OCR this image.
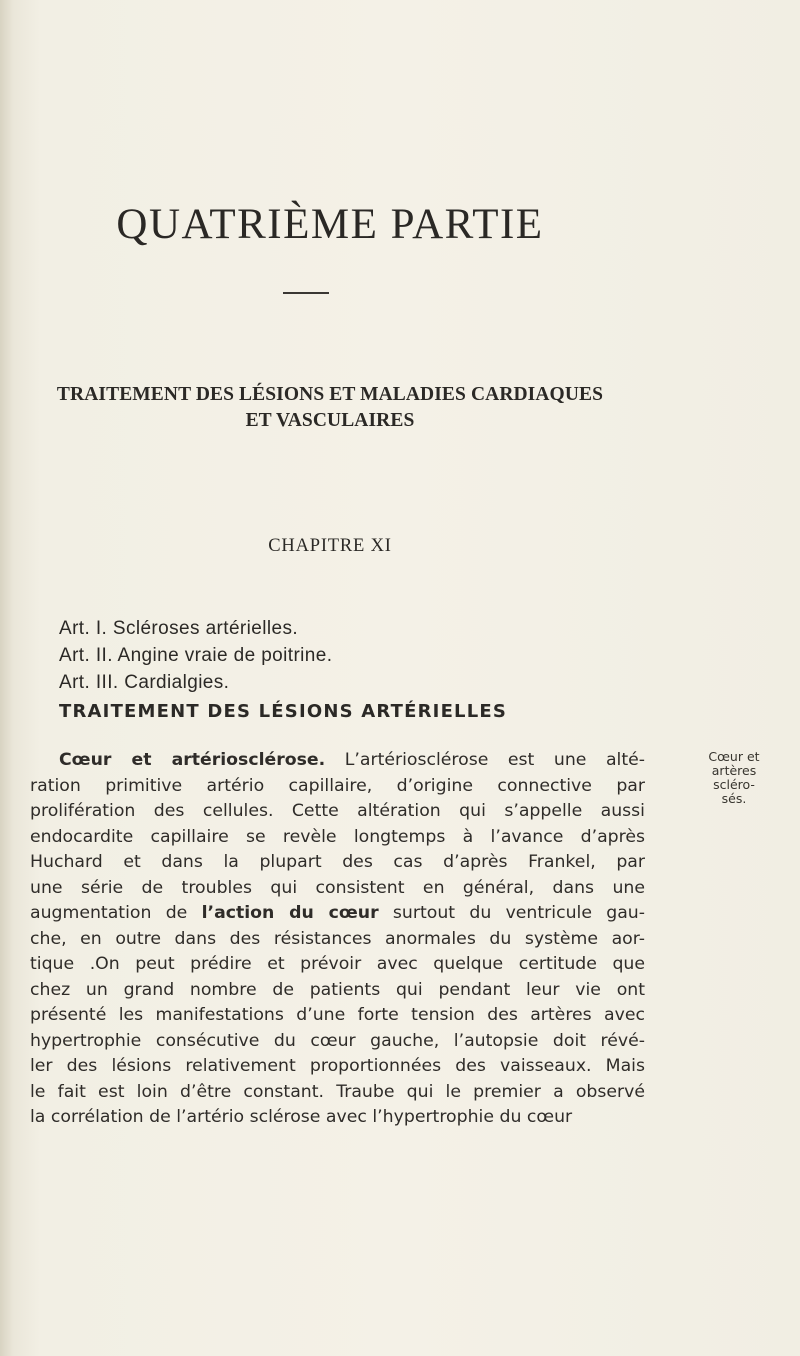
QUATRIÈME PARTIE
TRAITEMENT DES LÉSIONS ET MALADIES CARDIAQUES
ET VASCULAIRES
CHAPITRE XI
Art. I. Scléroses artérielles.
Art. II. Angine vraie de poitrine.
Art. III. Cardialgies.
TRAITEMENT DES LÉSIONS ARTÉRIELLES
Cœur et artériosclérose. L’artériosclérose est une alté-
ration primitive artério capillaire, d’origine connective par
prolifération des cellules. Cette altération qui s’appelle aussi
endocardite capillaire se revèle longtemps à l’avance d’après
Huchard et dans la plupart des cas d’après Frankel, par
une série de troubles qui consistent en général, dans une
augmentation de l’action du cœur surtout du ventricule gau-
che, en outre dans des résistances anormales du système aor-
tique .On peut prédire et prévoir avec quelque certitude que
chez un grand nombre de patients qui pendant leur vie ont
présenté les manifestations d’une forte tension des artères avec
hypertrophie consécutive du cœur gauche, l’autopsie doit révé-
ler des lésions relativement proportionnées des vaisseaux. Mais
le fait est loin d’être constant. Traube qui le premier a observé
la corrélation de l’artério sclérose avec l’hypertrophie du cœur
Cœur et
artères
scléro-
sés.
